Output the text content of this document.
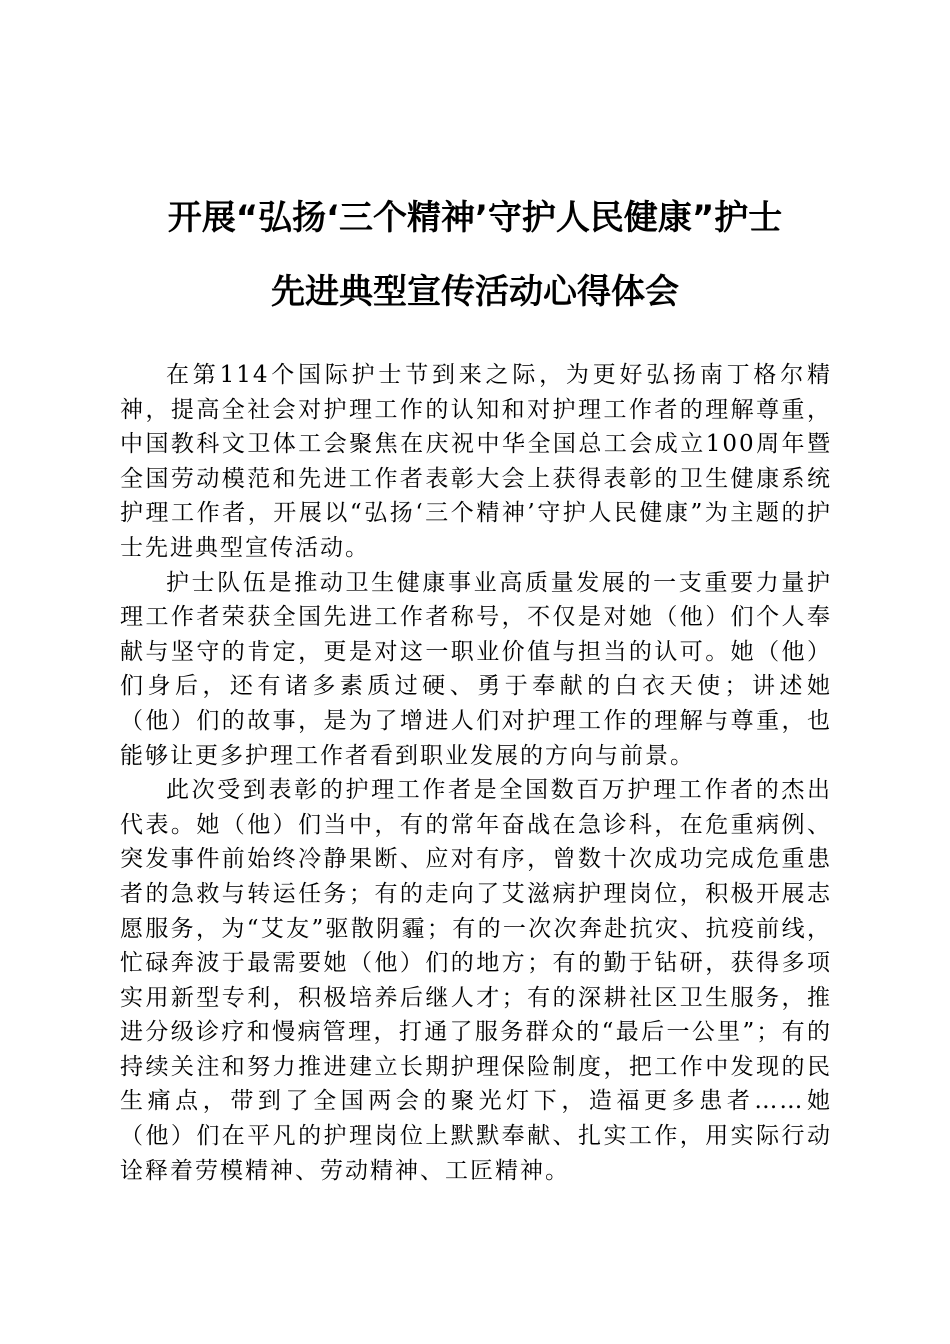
开展“弘扬‘三个精神’守护人民健康”护士
先进典型宣传活动心得体会

在第114个国际护士节到来之际，为更好弘扬南丁格尔精神，提高全社会对护理工作的认知和对护理工作者的理解尊重，中国教科文卫体工会聚焦在庆祝中华全国总工会成立100周年暨全国劳动模范和先进工作者表彰大会上获得表彰的卫生健康系统护理工作者，开展以“弘扬‘三个精神’守护人民健康”为主题的护士先进典型宣传活动。

护士队伍是推动卫生健康事业高质量发展的一支重要力量护理工作者荣获全国先进工作者称号，不仅是对她（他）们个人奉献与坚守的肯定，更是对这一职业价值与担当的认可。她（他）们身后，还有诸多素质过硬、勇于奉献的白衣天使；讲述她（他）们的故事，是为了增进人们对护理工作的理解与尊重，也能够让更多护理工作者看到职业发展的方向与前景。

此次受到表彰的护理工作者是全国数百万护理工作者的杰出代表。她（他）们当中，有的常年奋战在急诊科，在危重病例、突发事件前始终冷静果断、应对有序，曾数十次成功完成危重患者的急救与转运任务；有的走向了艾滋病护理岗位，积极开展志愿服务，为“艾友”驱散阴霾；有的一次次奔赴抗灾、抗疫前线，忙碌奔波于最需要她（他）们的地方；有的勤于钻研，获得多项实用新型专利，积极培养后继人才；有的深耕社区卫生服务，推进分级诊疗和慢病管理，打通了服务群众的“最后一公里”；有的持续关注和努力推进建立长期护理保险制度，把工作中发现的民生痛点，带到了全国两会的聚光灯下，造福更多患者……她（他）们在平凡的护理岗位上默默奉献、扎实工作，用实际行动诠释着劳模精神、劳动精神、工匠精神。
